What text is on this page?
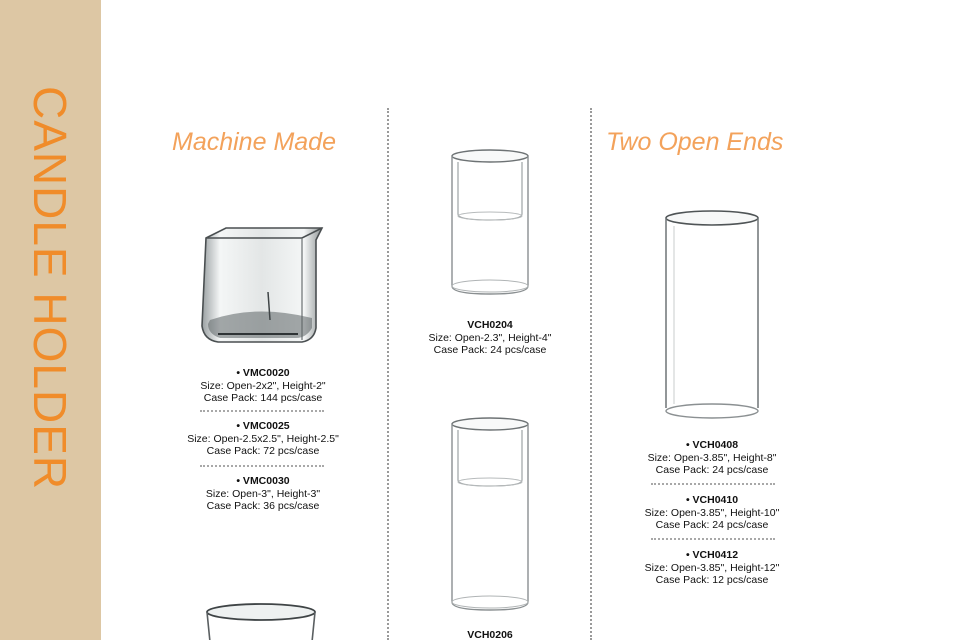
CANDLE HOLDER	Machine Made	Two Open Ends
• VMC0020
Size: Open-2x2", Height-2"
Case Pack: 144 pcs/case
• VMC0025
Size: Open-2.5x2.5", Height-2.5"
Case Pack: 72 pcs/case
• VMC0030
Size: Open-3", Height-3"
Case Pack: 36 pcs/case
VCH0204
Size: Open-2.3", Height-4"
Case Pack: 24 pcs/case
VCH0206
• VCH0408
Size: Open-3.85", Height-8"
Case Pack: 24 pcs/case
• VCH0410
Size: Open-3.85", Height-10"
Case Pack: 24 pcs/case
• VCH0412
Size: Open-3.85", Height-12"
Case Pack: 12 pcs/case
